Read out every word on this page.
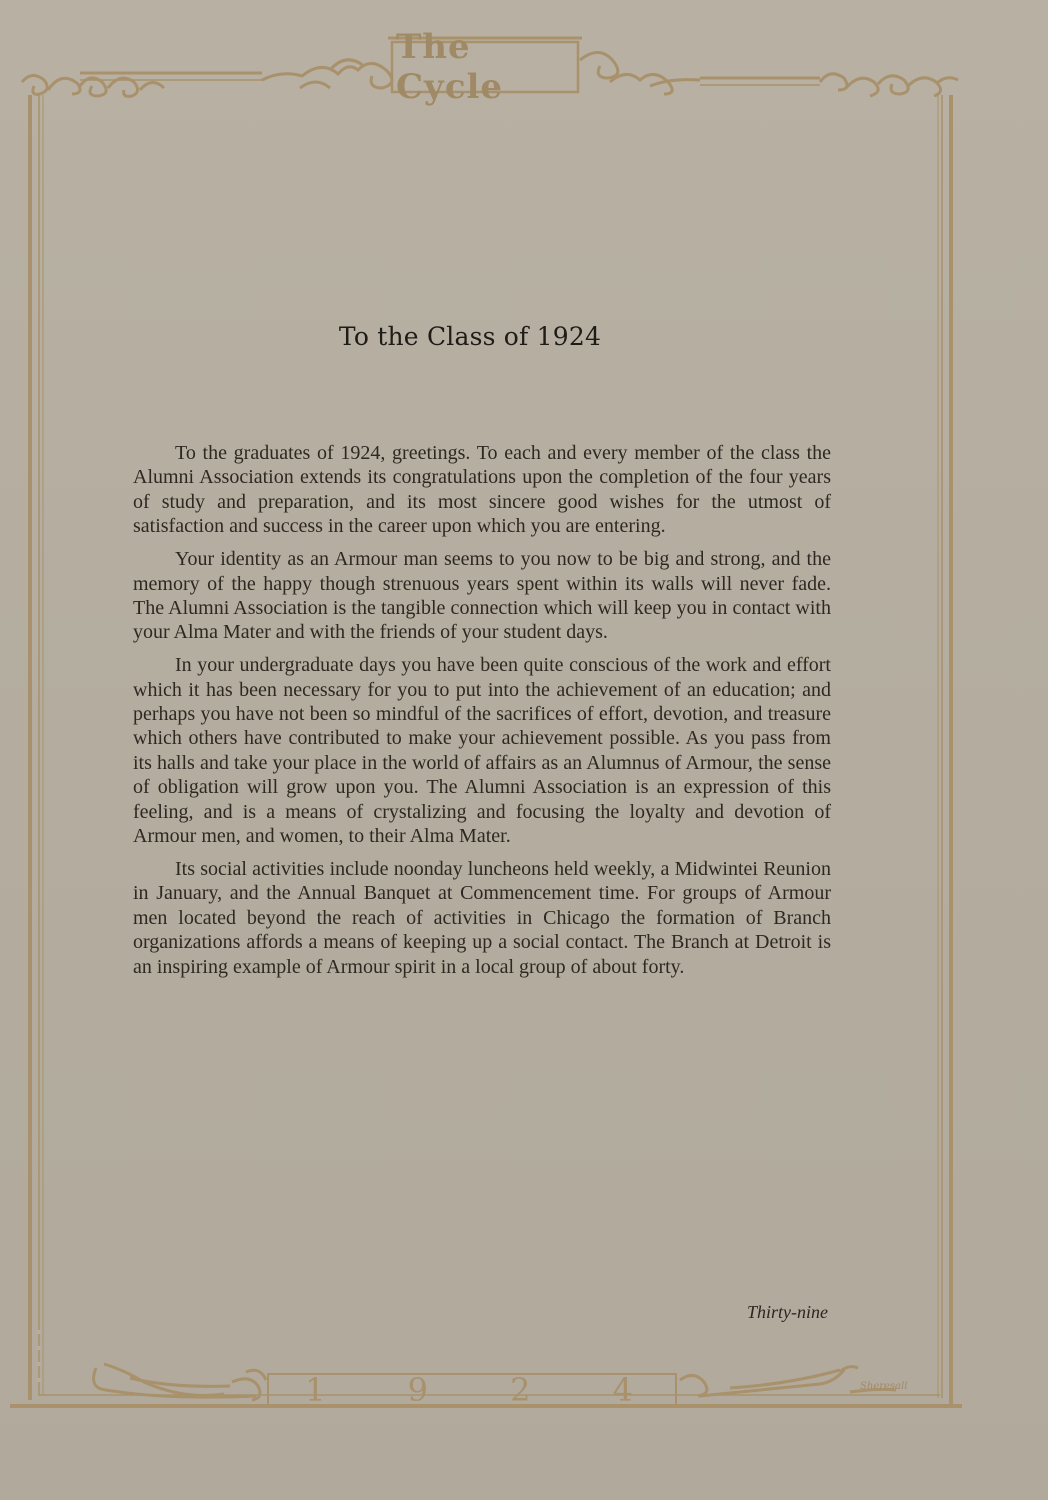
The Cycle
1	9	2	4	Sheresall
To the Class of 1924

To the graduates of 1924, greetings. To each and every member of the class the Alumni Association extends its congratulations upon the completion of the four years of study and preparation, and its most sincere good wishes for the utmost of satisfaction and success in the career upon which you are entering.

Your identity as an Armour man seems to you now to be big and strong, and the memory of the happy though strenuous years spent within its walls will never fade. The Alumni Association is the tangible connection which will keep you in contact with your Alma Mater and with the friends of your student days.

In your undergraduate days you have been quite conscious of the work and effort which it has been necessary for you to put into the achievement of an education; and perhaps you have not been so mindful of the sacrifices of effort, devotion, and treasure which others have contributed to make your achievement possible. As you pass from its halls and take your place in the world of affairs as an Alumnus of Armour, the sense of obligation will grow upon you. The Alumni Association is an expression of this feeling, and is a means of crystalizing and focusing the loyalty and devotion of Armour men, and women, to their Alma Mater.

Its social activities include noonday luncheons held weekly, a Midwintei Reunion in January, and the Annual Banquet at Commencement time. For groups of Armour men located beyond the reach of activities in Chicago the formation of Branch organizations affords a means of keeping up a social contact. The Branch at Detroit is an inspiring example of Armour spirit in a local group of about forty.

Thirty-nine
